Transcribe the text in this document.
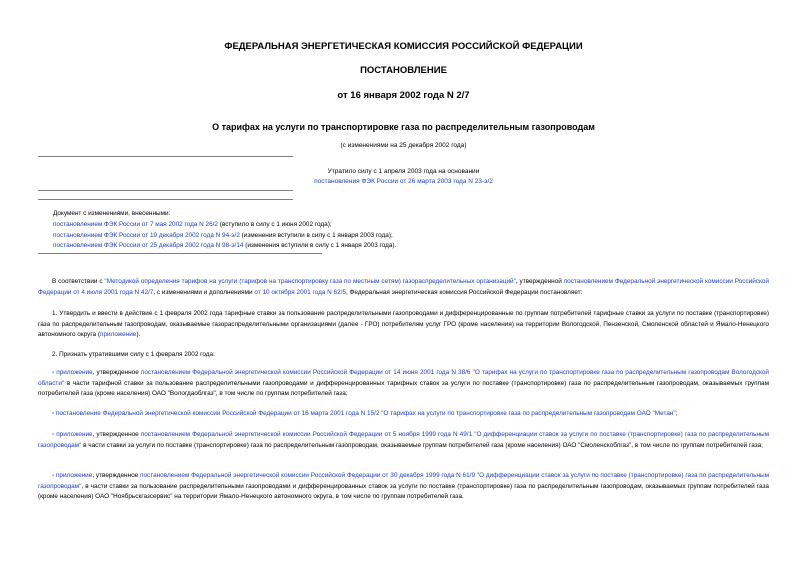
ФЕДЕРАЛЬНАЯ ЭНЕРГЕТИЧЕСКАЯ КОМИССИЯ РОССИЙСКОЙ ФЕДЕРАЦИИ
ПОСТАНОВЛЕНИЕ
от 16 января 2002 года N 2/7
О тарифах на услуги по транспортировке газа по распределительным газопроводам
(с изменениями на 25 декабря 2002 года)
Утратило силу с 1 апреля 2003 года на основании
постановления ФЭК России от 26 марта 2003 года N 23-э/2
Документ с изменениями, внесенными:
постановлением ФЭК России от 7 мая 2002 года N 26/2 (вступило в силу с 1 июня 2002 года);
постановлением ФЭК России от 19 декабря 2002 года N 94-э/2 (изменения вступили в силу с 1 января 2003 года);
постановлением ФЭК России от 25 декабря 2002 года N 98-э/14 (изменения вступили в силу с 1 января 2003 года).
В соответствии с "Методикой определения тарифов на услуги (тарифов на транспортировку газа по местным сетям) газораспределительных организаций", утвержденной постановлением Федеральной энергетической комиссии Российской Федерации от 4 июля 2001 года N 42/7, с изменениями и дополнениями от 10 октября 2001 года N 62/5, Федеральная энергетическая комиссия Российской Федерации постановляет:
1. Утвердить и ввести в действие с 1 февраля 2002 года тарифные ставки за пользование распределительными газопроводами и дифференцированные по группам потребителей тарифные ставки за услуги по поставке (транспортировке) газа по распределительным газопроводам, оказываемые газораспределительными организациями (далее - ГРО) потребителям услуг ГРО (кроме населения) на территории Вологодской, Пензенской, Смоленской областей и Ямало-Ненецкого автономного округа (приложение).
2. Признать утратившими силу с 1 февраля 2002 года:
- приложение, утвержденное постановлением Федеральной энергетической комиссии Российской Федерации от 14 июня 2001 года N 38/6 "О тарифах на услуги по транспортировке газа по распределительным газопроводам Вологодской области" в части тарифной ставки за пользование распределительными газопроводами и дифференцированных тарифных ставок за услуги по поставке (транспортировке) газа по распределительным газопроводам, оказываемых группам потребителей газа (кроме населения) ОАО "Вологдаоблгаз", в том числе по группам потребителей газа;
- постановление Федеральной энергетической комиссии Российской Федерации от 16 марта 2001 года N 15/2 "О тарифах на услуги по транспортировке газа по распределительным газопроводам ОАО "Метан";
- приложение, утвержденное постановлением Федеральной энергетической комиссии Российской Федерации от 5 ноября 1999 года N 49/1 "О дифференциации ставок за услуги по поставке (транспортировке) газа по распределительным газопроводам" в части ставки за услуги по поставке (транспортировке) газа по распределительным газопроводам, оказываемые группам потребителей газа (кроме населения) ОАО "Смоленскоблгаз", в том числе по группам потребителей газа;
- приложение, утвержденное постановлением Федеральной энергетической комиссии Российской Федерации от 30 декабря 1999 года N 61/9 "О дифференциации ставок за услуги по поставке (транспортировке) газа по распределительным газопроводам", в части ставки за пользование распределительными газопроводами и дифференцированных ставок за услуги по поставке (транспортировке) газа по распределительным газопроводам, оказываемых группам потребителей газа (кроме населения) ОАО "Ноябрьскгазсервис" на территории Ямало-Ненецкого автономного округа, в том числе по группам потребителей газа.
